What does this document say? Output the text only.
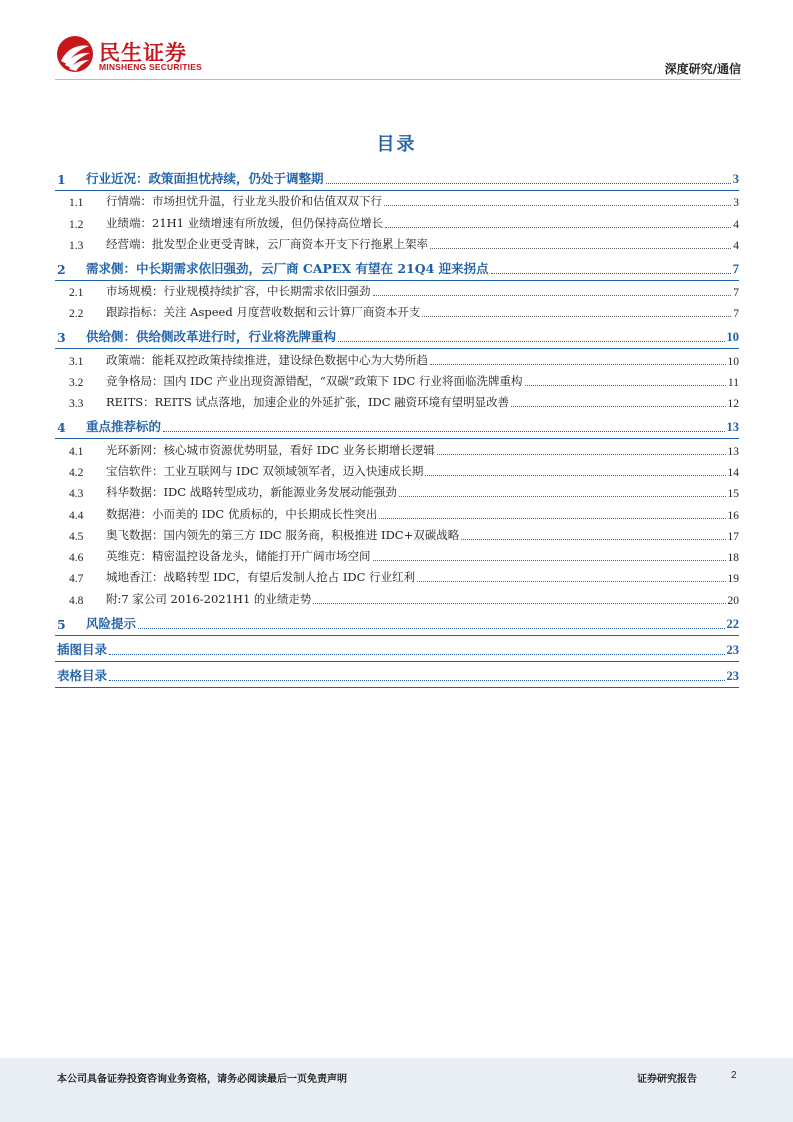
民生证券
MINSHENG SECURITIES	深度研究/通信
目录
1	行业近况：政策面担忧持续，仍处于调整期	3
1.1	行情端：市场担忧升温，行业龙头股价和估值双双下行	3
1.2	业绩端：21H1 业绩增速有所放缓，但仍保持高位增长	4
1.3	经营端：批发型企业更受青睐，云厂商资本开支下行拖累上架率	4
2	需求侧：中长期需求依旧强劲，云厂商 CAPEX 有望在 21Q4 迎来拐点	7
2.1	市场规模：行业规模持续扩容，中长期需求依旧强劲	7
2.2	跟踪指标：关注 Aspeed 月度营收数据和云计算厂商资本开支	7
3	供给侧：供给侧改革进行时，行业将洗牌重构	10
3.1	政策端：能耗双控政策持续推进，建设绿色数据中心为大势所趋	10
3.2	竞争格局：国内 IDC 产业出现资源错配，“双碳”政策下 IDC 行业将面临洗牌重构	11
3.3	REITS：REITS 试点落地，加速企业的外延扩张，IDC 融资环境有望明显改善	12
4	重点推荐标的	13
4.1	光环新网：核心城市资源优势明显，看好 IDC 业务长期增长逻辑	13
4.2	宝信软件：工业互联网与 IDC 双领域领军者，迈入快速成长期	14
4.3	科华数据：IDC 战略转型成功，新能源业务发展动能强劲	15
4.4	数据港：小而美的 IDC 优质标的，中长期成长性突出	16
4.5	奥飞数据：国内领先的第三方 IDC 服务商，积极推进 IDC+双碳战略	17
4.6	英维克：精密温控设备龙头，储能打开广阔市场空间	18
4.7	城地香江：战略转型 IDC，有望后发制人抢占 IDC 行业红利	19
4.8	附:7 家公司 2016-2021H1 的业绩走势	20
5	风险提示	22
插图目录	23
表格目录	23
本公司具备证券投资咨询业务资格，请务必阅读最后一页免责声明	证券研究报告	2
